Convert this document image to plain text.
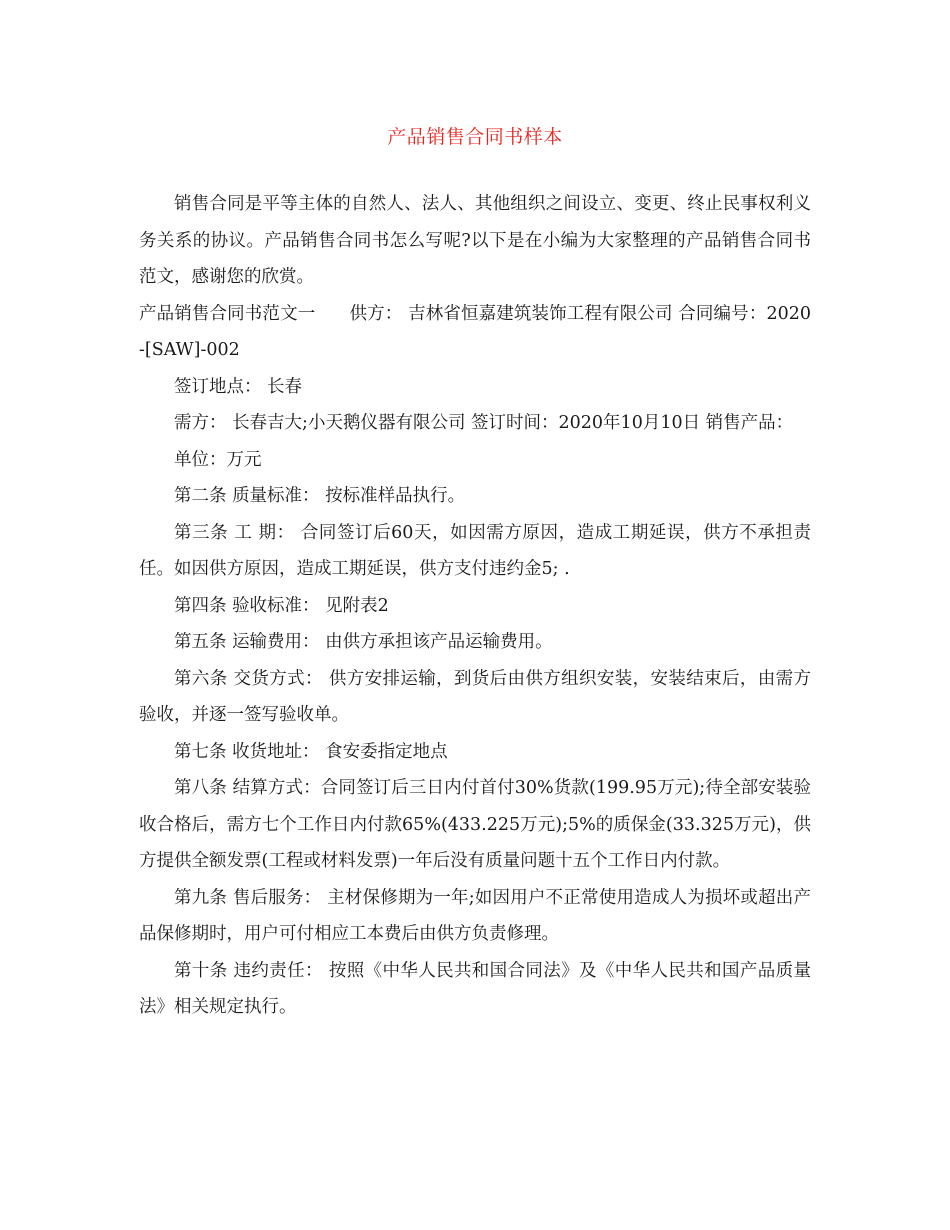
产品销售合同书样本

销售合同是平等主体的自然人、法人、其他组织之间设立、变更、终止民事权利义务关系的协议。产品销售合同书怎么写呢?以下是在小编为大家整理的产品销售合同书范文，感谢您的欣赏。

产品销售合同书范文一      供方： 吉林省恒嘉建筑装饰工程有限公司 合同编号：2020-[SAW]-002

签订地点： 长春

需方： 长春吉大;小天鹅仪器有限公司 签订时间：2020年10月10日 销售产品：

单位：万元

第二条 质量标准： 按标准样品执行。

第三条 工 期： 合同签订后60天，如因需方原因，造成工期延误，供方不承担责任。如因供方原因，造成工期延误，供方支付违约金5; .

第四条 验收标准： 见附表2

第五条 运输费用： 由供方承担该产品运输费用。

第六条 交货方式： 供方安排运输，到货后由供方组织安装，安装结束后，由需方验收，并逐一签写验收单。

第七条 收货地址： 食安委指定地点

第八条 结算方式：合同签订后三日内付首付30%货款(199.95万元);待全部安装验收合格后，需方七个工作日内付款65%(433.225万元);5%的质保金(33.325万元)，供方提供全额发票(工程或材料发票)一年后没有质量问题十五个工作日内付款。

第九条 售后服务： 主材保修期为一年;如因用户不正常使用造成人为损坏或超出产品保修期时，用户可付相应工本费后由供方负责修理。

第十条 违约责任： 按照《中华人民共和国合同法》及《中华人民共和国产品质量法》相关规定执行。
